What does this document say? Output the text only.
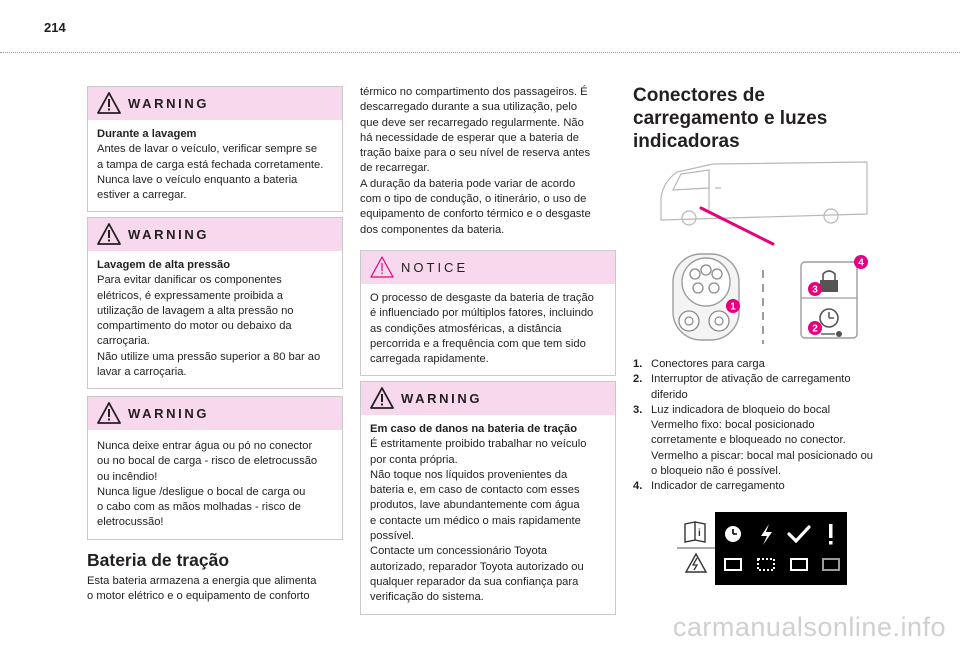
214
WARNING
Durante a lavagem
Antes de lavar o veículo, verificar sempre se
a tampa de carga está fechada corretamente.
Nunca lave o veículo enquanto a bateria
estiver a carregar.
WARNING
Lavagem de alta pressão
Para evitar danificar os componentes
elétricos, é expressamente proibida a
utilização de lavagem a alta pressão no
compartimento do motor ou debaixo da
carroçaria.
Não utilize uma pressão superior a 80 bar ao
lavar a carroçaria.
WARNING
Nunca deixe entrar água ou pó no conector
ou no bocal de carga - risco de eletrocussão
ou incêndio!
Nunca ligue /desligue o bocal de carga ou
o cabo com as mãos molhadas - risco de
eletrocussão!
Bateria de tração
Esta bateria armazena a energia que alimenta
o motor elétrico e o equipamento de conforto
térmico no compartimento dos passageiros. É
descarregado durante a sua utilização, pelo
que deve ser recarregado regularmente. Não
há necessidade de esperar que a bateria de
tração baixe para o seu nível de reserva antes
de recarregar.
A duração da bateria pode variar de acordo
com o tipo de condução, o itinerário, o uso de
equipamento de conforto térmico e o desgaste
dos componentes da bateria.
NOTICE
O processo de desgaste da bateria de tração
é influenciado por múltiplos fatores, incluindo
as condições atmosféricas, a distância
percorrida e a frequência com que tem sido
carregada rapidamente.
WARNING
Em caso de danos na bateria de tração
É estritamente proibido trabalhar no veículo
por conta própria.
Não toque nos líquidos provenientes da
bateria e, em caso de contacto com esses
produtos, lave abundantemente com água
e contacte um médico o mais rapidamente
possível.
Contacte um concessionário Toyota
autorizado, reparador Toyota autorizado ou
qualquer reparador da sua confiança para
verificação do sistema.
Conectores de
carregamento e luzes
indicadoras
1
2
3
4
1. Conectores para carga
2. Interruptor de ativação de carregamento
diferido
3. Luz indicadora de bloqueio do bocal
Vermelho fixo: bocal posicionado
corretamente e bloqueado no conector.
Vermelho a piscar: bocal mal posicionado ou
o bloqueio não é possível.
4. Indicador de carregamento
i
carmanualsonline.info
